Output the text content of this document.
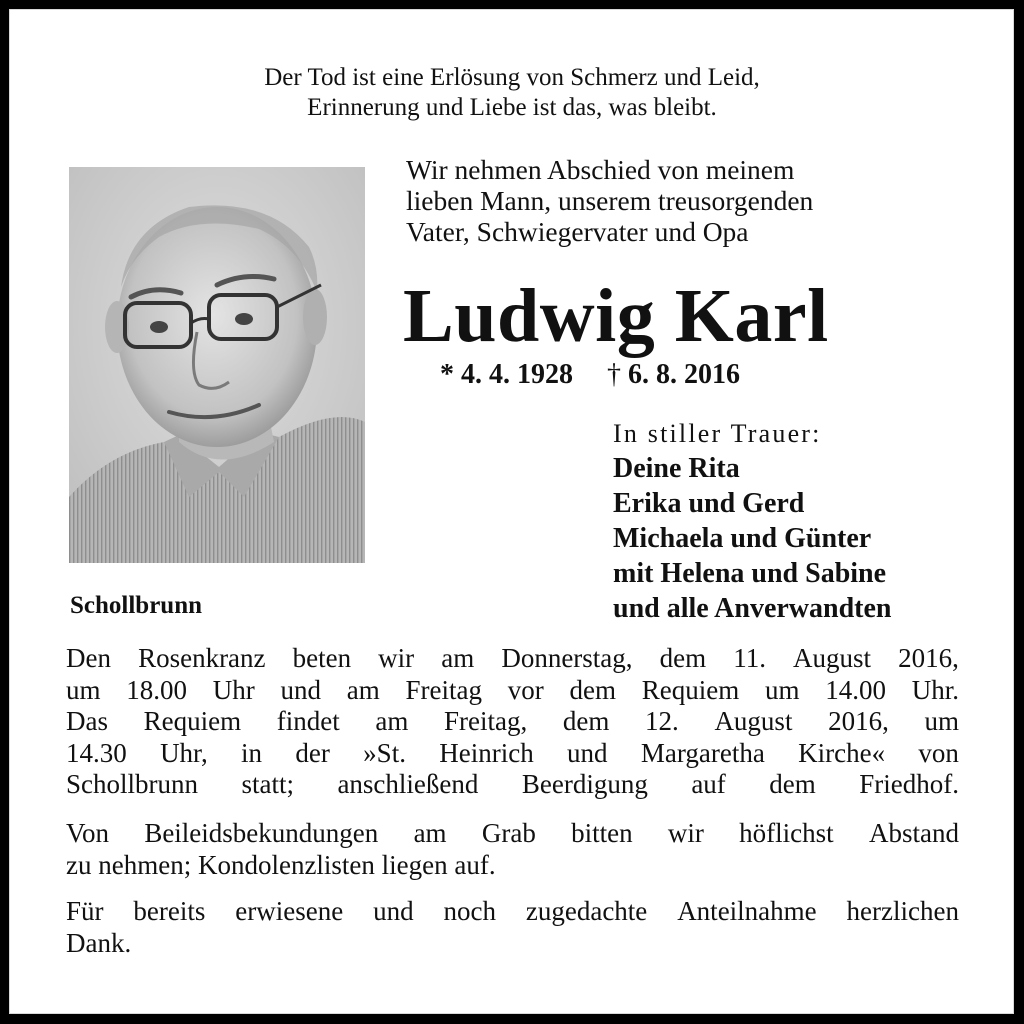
Der Tod ist eine Erlösung von Schmerz und Leid,
Erinnerung und Liebe ist das, was bleibt.
Wir nehmen Abschied von meinem
lieben Mann, unserem treusorgenden
Vater, Schwiegervater und Opa
Ludwig Karl
* 4. 4. 1928 † 6. 8. 2016
In stiller Trauer:
Deine Rita
Erika und Gerd
Michaela und Günter
mit Helena und Sabine
und alle Anverwandten
Schollbrunn
Den Rosenkranz beten wir am Donnerstag, dem 11. August 2016,
um 18.00 Uhr und am Freitag vor dem Requiem um 14.00 Uhr.
Das Requiem findet am Freitag, dem 12. August 2016, um
14.30 Uhr, in der »St. Heinrich und Margaretha Kirche« von
Schollbrunn statt; anschließend Beerdigung auf dem Friedhof.
Von Beileidsbekundungen am Grab bitten wir höflichst Abstand
zu nehmen; Kondolenzlisten liegen auf.
Für bereits erwiesene und noch zugedachte Anteilnahme herzlichen
Dank.
